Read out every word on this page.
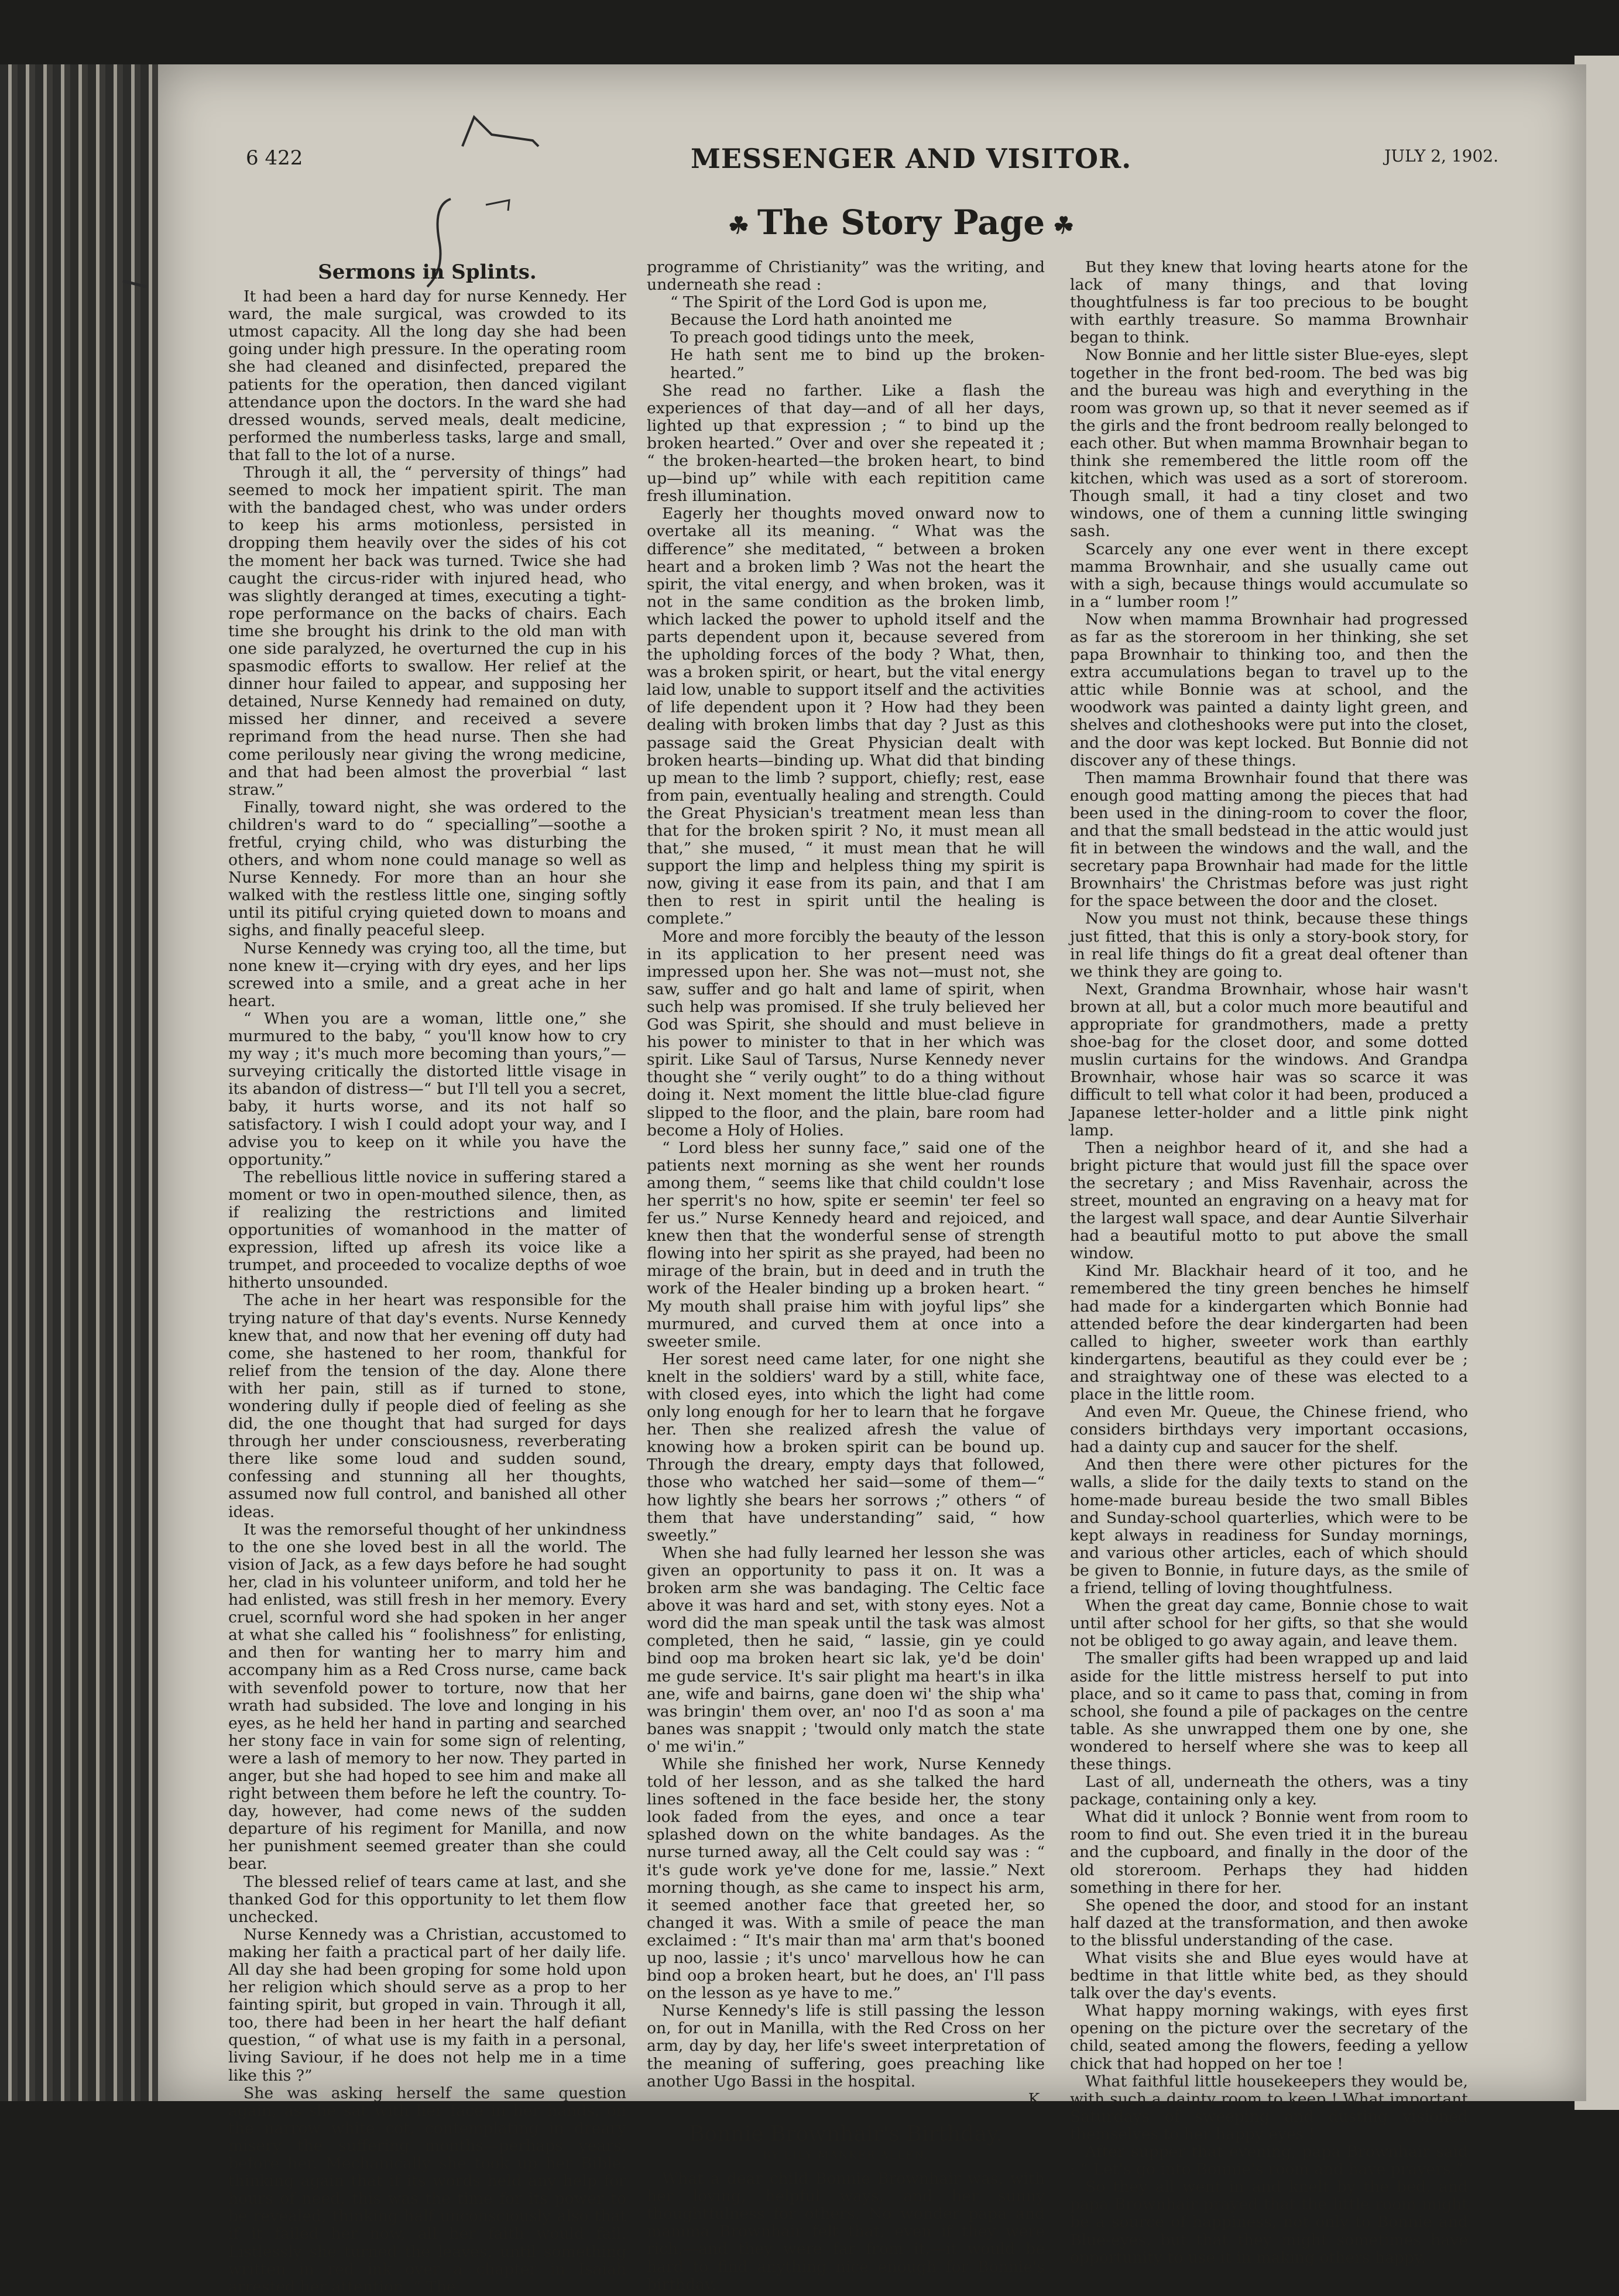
6 422	MESSENGER AND VISITOR.	JULY 2, 1902.
☘ The Story Page ☘
Sermons in Splints.

It had been a hard day for nurse Kennedy. Her ward, the male surgical, was crowded to its utmost capacity. All the long day she had been going under high pressure. In the operating room she had cleaned and disinfected, prepared the patients for the operation, then danced vigilant attendance upon the doctors. In the ward she had dressed wounds, served meals, dealt medicine, performed the numberless tasks, large and small, that fall to the lot of a nurse.

Through it all, the “ perversity of things” had seemed to mock her impatient spirit. The man with the bandaged chest, who was under orders to keep his arms motionless, persisted in dropping them heavily over the sides of his cot the moment her back was turned. Twice she had caught the circus-rider with injured head, who was slightly deranged at times, executing a tight-rope performance on the backs of chairs. Each time she brought his drink to the old man with one side paralyzed, he overturned the cup in his spasmodic efforts to swallow. Her relief at the dinner hour failed to appear, and supposing her detained, Nurse Kennedy had remained on duty, missed her dinner, and received a severe reprimand from the head nurse. Then she had come perilously near giving the wrong medicine, and that had been almost the proverbial “ last straw.”

Finally, toward night, she was ordered to the children's ward to do “ specialling”—soothe a fretful, crying child, who was disturbing the others, and whom none could manage so well as Nurse Kennedy. For more than an hour she walked with the restless little one, singing softly until its pitiful crying quieted down to moans and sighs, and finally peaceful sleep.

Nurse Kennedy was crying too, all the time, but none knew it—crying with dry eyes, and her lips screwed into a smile, and a great ache in her heart.

“ When you are a woman, little one,” she murmured to the baby, “ you'll know how to cry my way ; it's much more becoming than yours,”—surveying critically the distorted little visage in its abandon of distress—“ but I'll tell you a secret, baby, it hurts worse, and its not half so satisfactory. I wish I could adopt your way, and I advise you to keep on it while you have the opportunity.”

The rebellious little novice in suffering stared a moment or two in open-mouthed silence, then, as if realizing the restrictions and limited opportunities of womanhood in the matter of expression, lifted up afresh its voice like a trumpet, and proceeded to vocalize depths of woe hitherto unsounded.

The ache in her heart was responsible for the trying nature of that day's events. Nurse Kennedy knew that, and now that her evening off duty had come, she hastened to her room, thankful for relief from the tension of the day. Alone there with her pain, still as if turned to stone, wondering dully if people died of feeling as she did, the one thought that had surged for days through her under consciousness, reverberating there like some loud and sudden sound, confessing and stunning all her thoughts, assumed now full control, and banished all other ideas.

It was the remorseful thought of her unkindness to the one she loved best in all the world. The vision of Jack, as a few days before he had sought her, clad in his volunteer uniform, and told her he had enlisted, was still fresh in her memory. Every cruel, scornful word she had spoken in her anger at what she called his “ foolishness” for enlisting, and then for wanting her to marry him and accompany him as a Red Cross nurse, came back with sevenfold power to torture, now that her wrath had subsided. The love and longing in his eyes, as he held her hand in parting and searched her stony face in vain for some sign of relenting, were a lash of memory to her now. They parted in anger, but she had hoped to see him and make all right between them before he left the country. To-day, however, had come news of the sudden departure of his regiment for Manilla, and now her punishment seemed greater than she could bear.

The blessed relief of tears came at last, and she thanked God for this opportunity to let them flow unchecked.

Nurse Kennedy was a Christian, accustomed to making her faith a practical part of her daily life. All day she had been groping for some hold upon her religion which should serve as a prop to her fainting spirit, but groped in vain. Through it all, too, there had been in her heart the half defiant question, “ of what use is my faith in a personal, living Saviour, if he does not help me in a time like this ?”

She was asking herself the same question again, as she sat with her face in her hands, on the narrow white cot, contemplating in dreary misery the suffering months—perhaps years, before her. Mechanically she took up her Bible, thinking again that if its words held any help for hours of need, this was the time for its power to be revealed, thinking half unconsciously also that if it failed her now, all her faith would fail. Listlessly she turned the leaves, until something written in red ink over a chapter in Isaiah arrested her attention. “ The

programme of Christianity” was the writing, and underneath she read :

“ The Spirit of the Lord God is upon me,
Because the Lord hath anointed me
To preach good tidings unto the meek,
He hath sent me to bind up the broken-hearted.”

She read no farther. Like a flash the experiences of that day—and of all her days, lighted up that expression ; “ to bind up the broken hearted.” Over and over she repeated it ; “ the broken-hearted—the broken heart, to bind up—bind up” while with each repitition came fresh illumination.

Eagerly her thoughts moved onward now to overtake all its meaning. “ What was the difference” she meditated, “ between a broken heart and a broken limb ? Was not the heart the spirit, the vital energy, and when broken, was it not in the same condition as the broken limb, which lacked the power to uphold itself and the parts dependent upon it, because severed from the upholding forces of the body ? What, then, was a broken spirit, or heart, but the vital energy laid low, unable to support itself and the activities of life dependent upon it ? How had they been dealing with broken limbs that day ? Just as this passage said the Great Physician dealt with broken hearts—binding up. What did that binding up mean to the limb ? support, chiefly; rest, ease from pain, eventually healing and strength. Could the Great Physician's treatment mean less than that for the broken spirit ? No, it must mean all that,” she mused, “ it must mean that he will support the limp and helpless thing my spirit is now, giving it ease from its pain, and that I am then to rest in spirit until the healing is complete.”

More and more forcibly the beauty of the lesson in its application to her present need was impressed upon her. She was not—must not, she saw, suffer and go halt and lame of spirit, when such help was promised. If she truly believed her God was Spirit, she should and must believe in his power to minister to that in her which was spirit. Like Saul of Tarsus, Nurse Kennedy never thought she “ verily ought” to do a thing without doing it. Next moment the little blue-clad figure slipped to the floor, and the plain, bare room had become a Holy of Holies.

“ Lord bless her sunny face,” said one of the patients next morning as she went her rounds among them, “ seems like that child couldn't lose her sperrit's no how, spite er seemin' ter feel so fer us.” Nurse Kennedy heard and rejoiced, and knew then that the wonderful sense of strength flowing into her spirit as she prayed, had been no mirage of the brain, but in deed and in truth the work of the Healer binding up a broken heart. “ My mouth shall praise him with joyful lips” she murmured, and curved them at once into a sweeter smile.

Her sorest need came later, for one night she knelt in the soldiers' ward by a still, white face, with closed eyes, into which the light had come only long enough for her to learn that he forgave her. Then she realized afresh the value of knowing how a broken spirit can be bound up. Through the dreary, empty days that followed, those who watched her said—some of them—“ how lightly she bears her sorrows ;” others “ of them that have understanding” said, “ how sweetly.”

When she had fully learned her lesson she was given an opportunity to pass it on. It was a broken arm she was bandaging. The Celtic face above it was hard and set, with stony eyes. Not a word did the man speak until the task was almost completed, then he said, “ lassie, gin ye could bind oop ma broken heart sic lak, ye'd be doin' me gude service. It's sair plight ma heart's in ilka ane, wife and bairns, gane doen wi' the ship wha' was bringin' them over, an' noo I'd as soon a' ma banes was snappit ; 'twould only match the state o' me wi'in.”

While she finished her work, Nurse Kennedy told of her lesson, and as she talked the hard lines softened in the face beside her, the stony look faded from the eyes, and once a tear splashed down on the white bandages. As the nurse turned away, all the Celt could say was : “ it's gude work ye've done for me, lassie.” Next morning though, as she came to inspect his arm, it seemed another face that greeted her, so changed it was. With a smile of peace the man exclaimed : “ It's mair than ma' arm that's booned up noo, lassie ; it's unco' marvellous how he can bind oop a broken heart, but he does, an' I'll pass on the lesson as ye have to me.”

Nurse Kennedy's life is still passing the lesson on, for out in Manilla, with the Red Cross on her arm, day by day, her life's sweet interpretation of the meaning of suffering, goes preaching like another Ugo Bassi in the hospital.

K.
Bonnie Brownhair's Birthday.
BY LILY MANKER ALLEN.

What a dear child Bonnie Brownhair was, with her loving, helpful ways, and her sunny thoughtfulness for others. No wonder papa and mamma Brownhair felt that, even if they were rich,—and they were far from it,—it would be hard to find anything nice enough for Bonnie's birthday.

But they knew that loving hearts atone for the lack of many things, and that loving thoughtfulness is far too precious to be bought with earthly treasure. So mamma Brownhair began to think.

Now Bonnie and her little sister Blue-eyes, slept together in the front bed-room. The bed was big and the bureau was high and everything in the room was grown up, so that it never seemed as if the girls and the front bedroom really belonged to each other. But when mamma Brownhair began to think she remembered the little room off the kitchen, which was used as a sort of storeroom. Though small, it had a tiny closet and two windows, one of them a cunning little swinging sash.

Scarcely any one ever went in there except mamma Brownhair, and she usually came out with a sigh, because things would accumulate so in a “ lumber room !”

Now when mamma Brownhair had progressed as far as the storeroom in her thinking, she set papa Brownhair to thinking too, and then the extra accumulations began to travel up to the attic while Bonnie was at school, and the woodwork was painted a dainty light green, and shelves and clotheshooks were put into the closet, and the door was kept locked. But Bonnie did not discover any of these things.

Then mamma Brownhair found that there was enough good matting among the pieces that had been used in the dining-room to cover the floor, and that the small bedstead in the attic would just fit in between the windows and the wall, and the secretary papa Brownhair had made for the little Brownhairs' the Christmas before was just right for the space between the door and the closet.

Now you must not think, because these things just fitted, that this is only a story-book story, for in real life things do fit a great deal oftener than we think they are going to.

Next, Grandma Brownhair, whose hair wasn't brown at all, but a color much more beautiful and appropriate for grandmothers, made a pretty shoe-bag for the closet door, and some dotted muslin curtains for the windows. And Grandpa Brownhair, whose hair was so scarce it was difficult to tell what color it had been, produced a Japanese letter-holder and a little pink night lamp.

Then a neighbor heard of it, and she had a bright picture that would just fill the space over the secretary ; and Miss Ravenhair, across the street, mounted an engraving on a heavy mat for the largest wall space, and dear Auntie Silverhair had a beautiful motto to put above the small window.

Kind Mr. Blackhair heard of it too, and he remembered the tiny green benches he himself had made for a kindergarten which Bonnie had attended before the dear kindergarten had been called to higher, sweeter work than earthly kindergartens, beautiful as they could ever be ; and straightway one of these was elected to a place in the little room.

And even Mr. Queue, the Chinese friend, who considers birthdays very important occasions, had a dainty cup and saucer for the shelf.

And then there were other pictures for the walls, a slide for the daily texts to stand on the home-made bureau beside the two small Bibles and Sunday-school quarterlies, which were to be kept always in readiness for Sunday mornings, and various other articles, each of which should be given to Bonnie, in future days, as the smile of a friend, telling of loving thoughtfulness.

When the great day came, Bonnie chose to wait until after school for her gifts, so that she would not be obliged to go away again, and leave them.

The smaller gifts had been wrapped up and laid aside for the little mistress herself to put into place, and so it came to pass that, coming in from school, she found a pile of packages on the centre table. As she unwrapped them one by one, she wondered to herself where she was to keep all these things.

Last of all, underneath the others, was a tiny package, containing only a key.

What did it unlock ? Bonnie went from room to room to find out. She even tried it in the bureau and the cupboard, and finally in the door of the old storeroom. Perhaps they had hidden something in there for her.

She opened the door, and stood for an instant half dazed at the transformation, and then awoke to the blissful understanding of the case.

What visits she and Blue eyes would have at bedtime in that little white bed, as they should talk over the day's events.

What happy morning wakings, with eyes first opening on the picture over the secretary of the child, seated among the flowers, feeding a yellow chick that had hopped on her toe !

What faithful little housekeepers they would be, with such a dainty room to keep ! What important Saturdays of sweeping and dusting visioned themselves to her happy eyes !

After supper that evening, papa Brownhair said : “ Let's go into Bonnie's room and have prayers.”

So they all went in and knelt by the bed, and papa Brownhair prayed that the little room might be a source of happiness, not only to Bonnie and Blue-eyes, but that they might sometimes have opportunity to use it in making others happy.
